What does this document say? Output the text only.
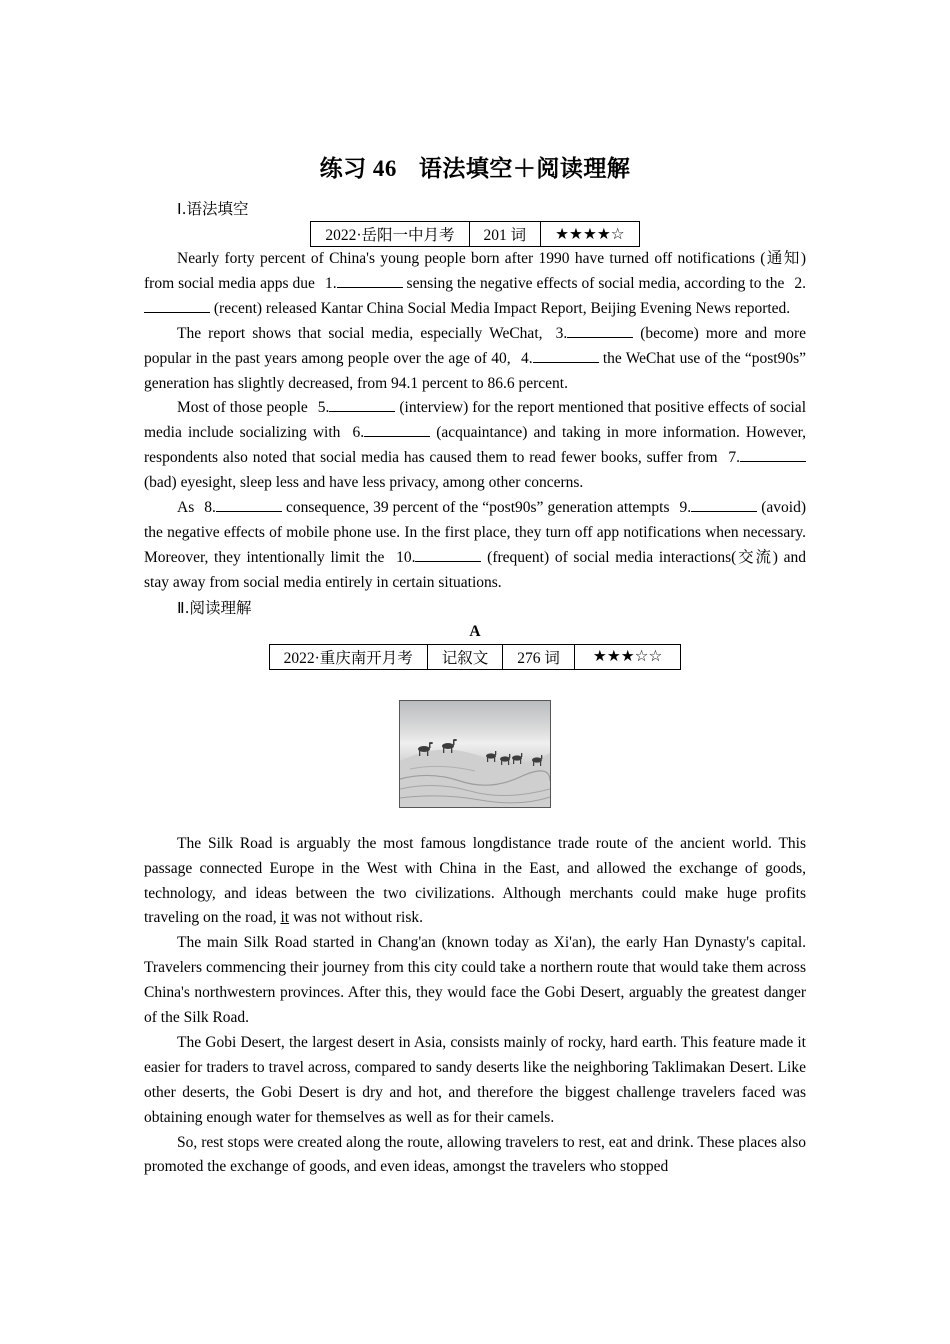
练习 46 语法填空＋阅读理解
Ⅰ.语法填空
2022·岳阳一中月考	201 词	★★★★☆

Nearly forty percent of China's young people born after 1990 have turned off notifications (通知) from social media apps due 1.	sensing the negative effects of social media, according to the 2. (recent) released Kantar China Social Media Impact Report, Beijing Evening News reported.

The report shows that social media, especially WeChat, 3.	(become) more and more popular in the past years among people over the age of 40, 4.	the WeChat use of the “post90s” generation has slightly decreased, from 94.1 percent to 86.6 percent.

Most of those people 5.	(interview) for the report mentioned that positive effects of social media include socializing with 6.	(acquaintance) and taking in more information. However, respondents also noted that social media has caused them to read fewer books, suffer from 7. (bad) eyesight, sleep less and have less privacy, among other concerns.

As 8.	consequence, 39 percent of the “post90s” generation attempts 9.	(avoid) the negative effects of mobile phone use. In the first place, they turn off app notifications when necessary. Moreover, they intentionally limit the 10.	(frequent) of social media interactions(交流) and stay away from social media entirely in certain situations.

Ⅱ.阅读理解

A

2022·重庆南开月考	记叙文	276 词	★★★☆☆

The Silk Road is arguably the most famous longdistance trade route of the ancient world. This passage connected Europe in the West with China in the East, and allowed the exchange of goods, technology, and ideas between the two civilizations. Although merchants could make huge profits traveling on the road, it was not without risk.

The main Silk Road started in Chang'an (known today as Xi'an), the early Han Dynasty's capital. Travelers commencing their journey from this city could take a northern route that would take them across China's northwestern provinces. After this, they would face the Gobi Desert, arguably the greatest danger of the Silk Road.

The Gobi Desert, the largest desert in Asia, consists mainly of rocky, hard earth. This feature made it easier for traders to travel across, compared to sandy deserts like the neighboring Taklimakan Desert. Like other deserts, the Gobi Desert is dry and hot, and therefore the biggest challenge travelers faced was obtaining enough water for themselves as well as for their camels.

So, rest stops were created along the route, allowing travelers to rest, eat and drink. These places also promoted the exchange of goods, and even ideas, amongst the travelers who stopped
